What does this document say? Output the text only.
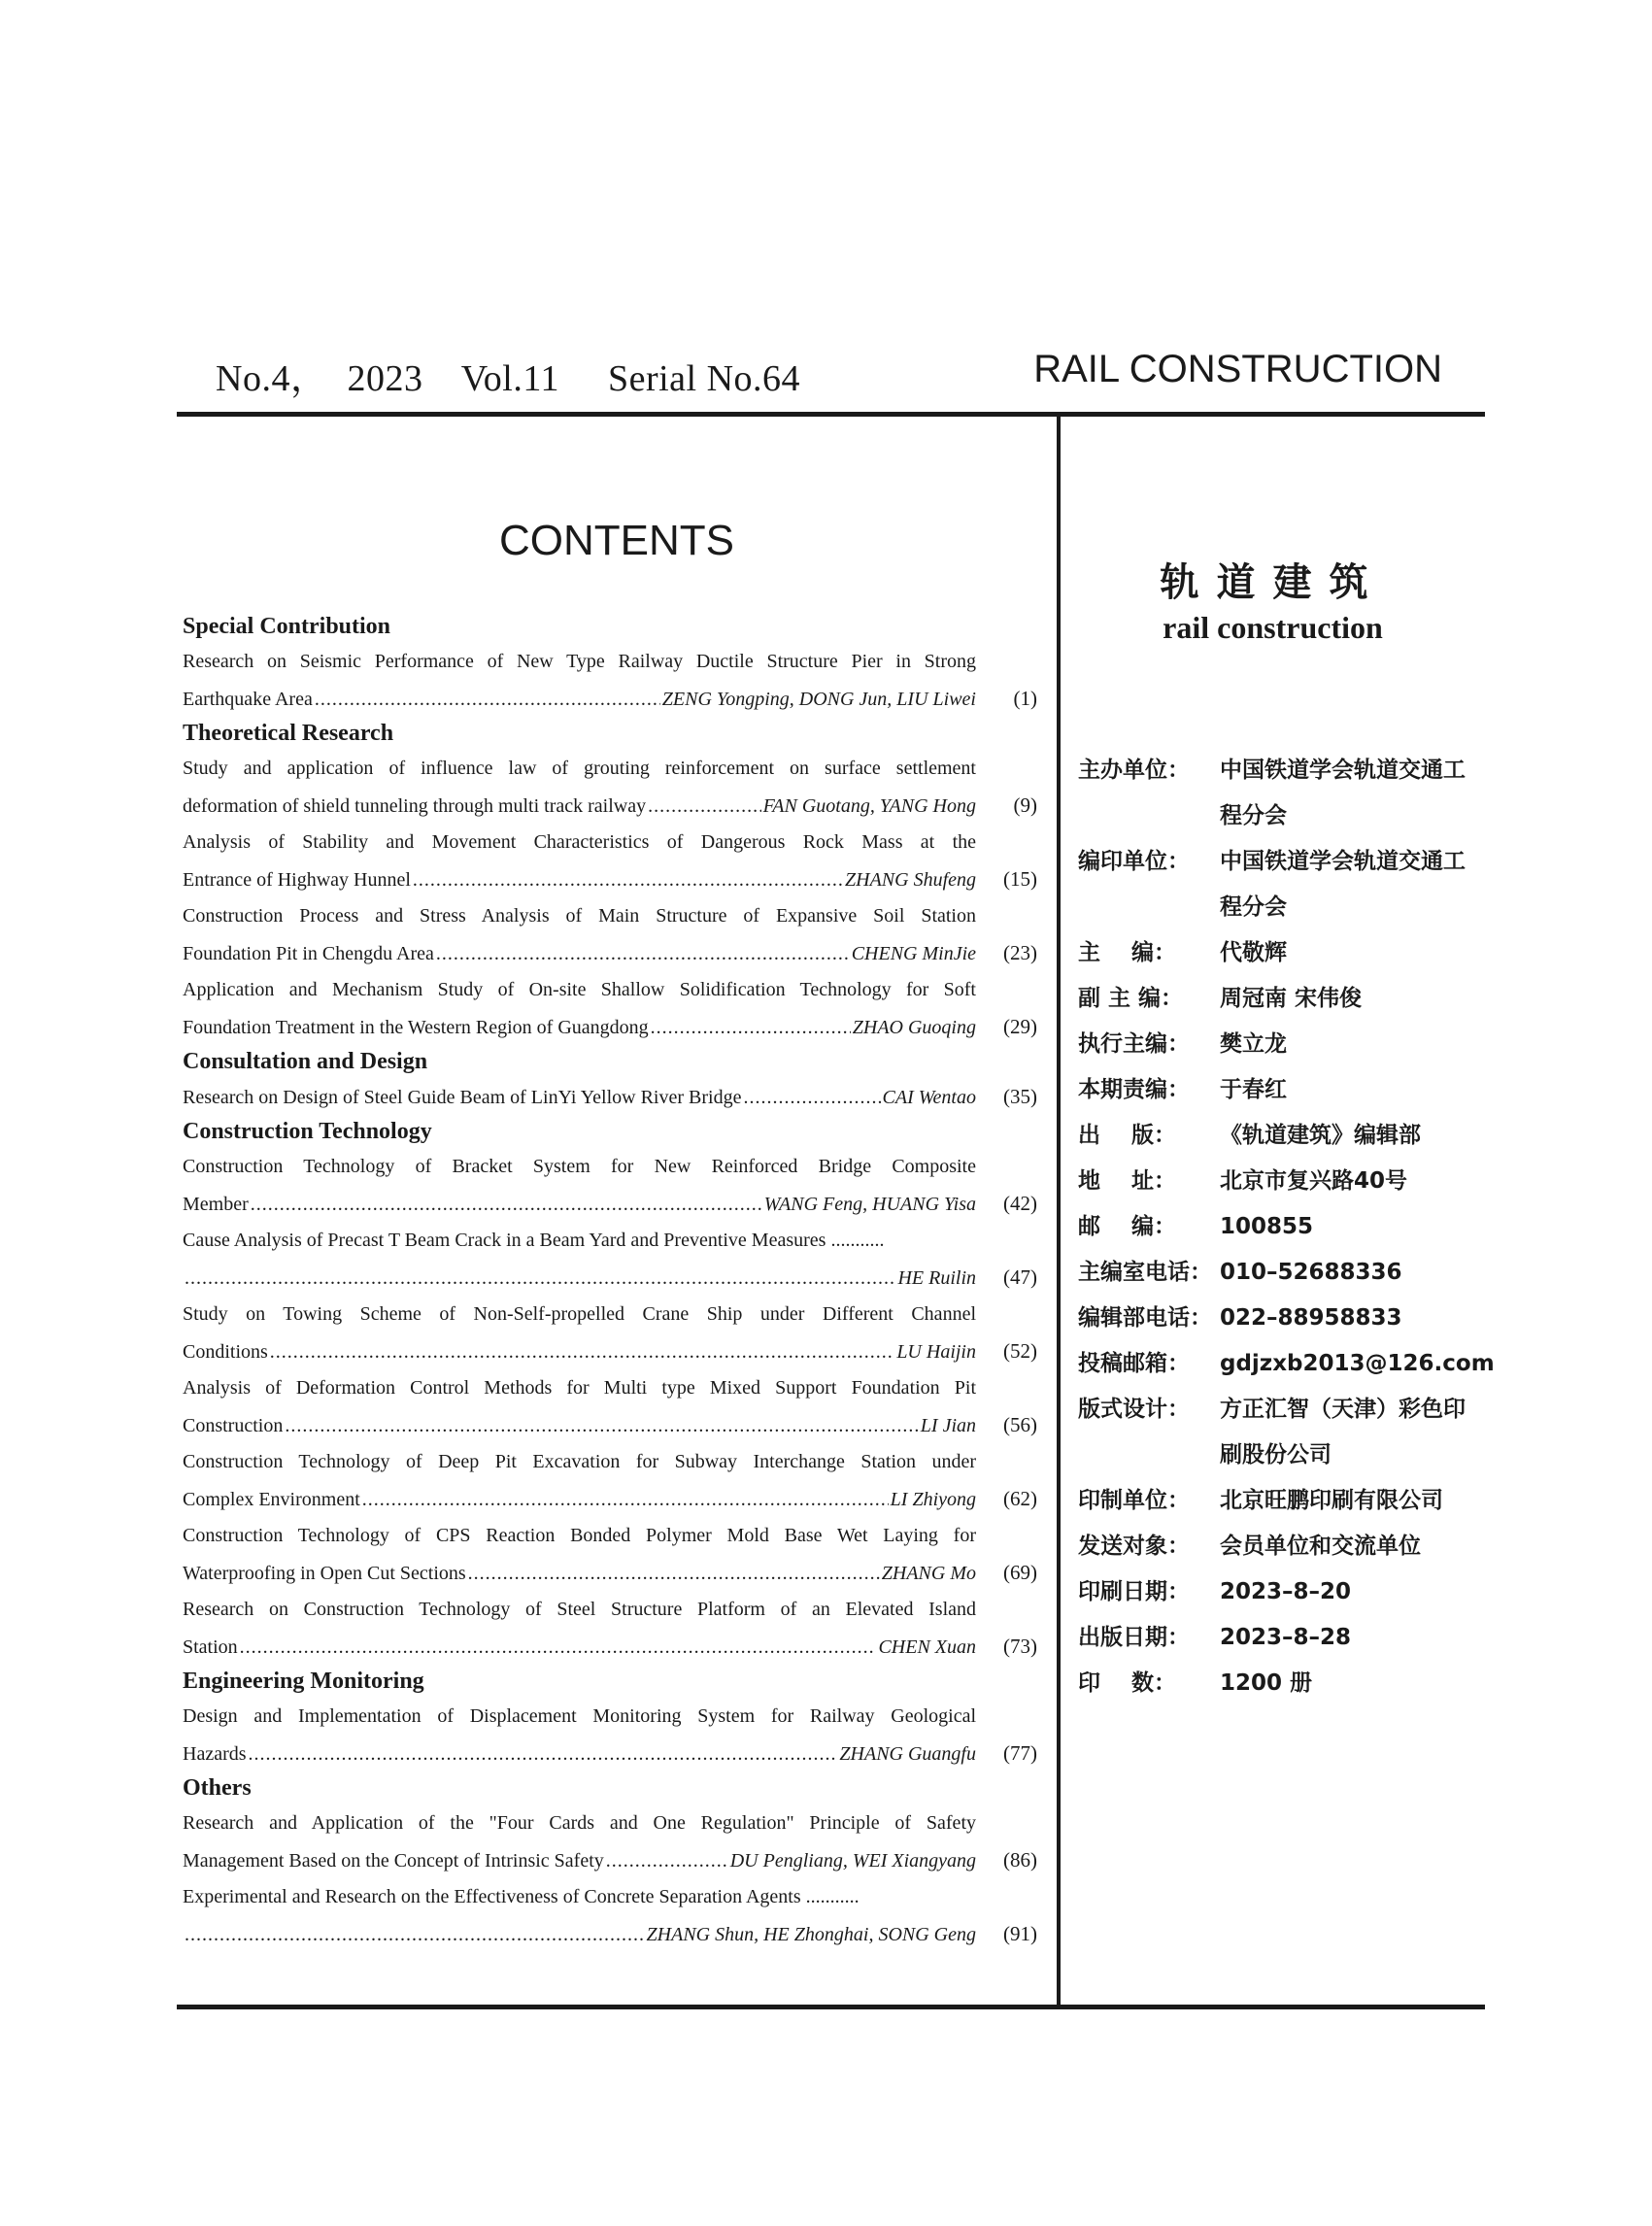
No.4，  2023    Vol.11     Serial No.64	RAIL CONSTRUCTION
CONTENTS
Special Contribution
Research on Seismic Performance of New Type Railway Ductile Structure Pier in Strong
Earthquake Area .....	ZENG Yongping, DONG Jun, LIU Liwei	(1)
Theoretical Research
Study and application of influence law of grouting reinforcement on surface settlement
deformation of shield tunneling through multi track railway .....	FAN Guotang, YANG Hong	(9)
Analysis of Stability and Movement Characteristics of Dangerous Rock Mass at the
Entrance of Highway Hunnel .....	ZHANG Shufeng	(15)
Construction Process and Stress Analysis of Main Structure of Expansive Soil Station
Foundation Pit in Chengdu Area .....	CHENG MinJie	(23)
Application and Mechanism Study of On-site Shallow Solidification Technology for Soft
Foundation Treatment in the Western Region of Guangdong .....	ZHAO Guoqing	(29)
Consultation and Design
Research on Design of Steel Guide Beam of LinYi Yellow River Bridge .....	CAI Wentao	(35)
Construction Technology
Construction Technology of Bracket System for New Reinforced Bridge Composite
Member .....	WANG Feng, HUANG Yisa	(42)
Cause Analysis of Precast T Beam Crack in a Beam Yard and Preventive Measures ...........
.....
HE Ruilin	(47)
Study on Towing Scheme of Non-Self-propelled Crane Ship under Different Channel
Conditions .....	LU Haijin	(52)
Analysis of Deformation Control Methods for Multi type Mixed Support Foundation Pit
Construction .....	LI Jian	(56)
Construction Technology of Deep Pit Excavation for Subway Interchange Station under
Complex Environment .....	LI Zhiyong	(62)
Construction Technology of CPS Reaction Bonded Polymer Mold Base Wet Laying for
Waterproofing in Open Cut Sections .....	ZHANG Mo	(69)
Research on Construction Technology of Steel Structure Platform of an Elevated Island
Station .....	CHEN Xuan	(73)
Engineering Monitoring
Design and Implementation of Displacement Monitoring System for Railway Geological
Hazards .....	ZHANG Guangfu	(77)
Others
Research and Application of the "Four Cards and One Regulation" Principle of Safety
Management Based on the Concept of Intrinsic Safety .....	DU Pengliang, WEI Xiangyang	(86)
Experimental and Research on the Effectiveness of Concrete Separation Agents ...........
.....
ZHANG Shun, HE Zhonghai, SONG Geng	(91)
轨道建筑
rail construction
主办单位：	中国铁道学会轨道交通工程分会
编印单位：	中国铁道学会轨道交通工程分会
主    编：	代敬辉
副 主 编：	周冠南 宋伟俊
执行主编：	樊立龙
本期责编：	于春红
出    版：	《轨道建筑》编辑部
地    址：	北京市复兴路40号
邮    编：	100855
主编室电话： 010–52688336
编辑部电话： 022–88958833
投稿邮箱：	gdjzxb2013@126.com
版式设计：	方正汇智（天津）彩色印刷股份公司
印制单位：	北京旺鹏印刷有限公司
发送对象：	会员单位和交流单位
印刷日期：	2023–8–20
出版日期：	2023–8–28
印    数：	1200 册
